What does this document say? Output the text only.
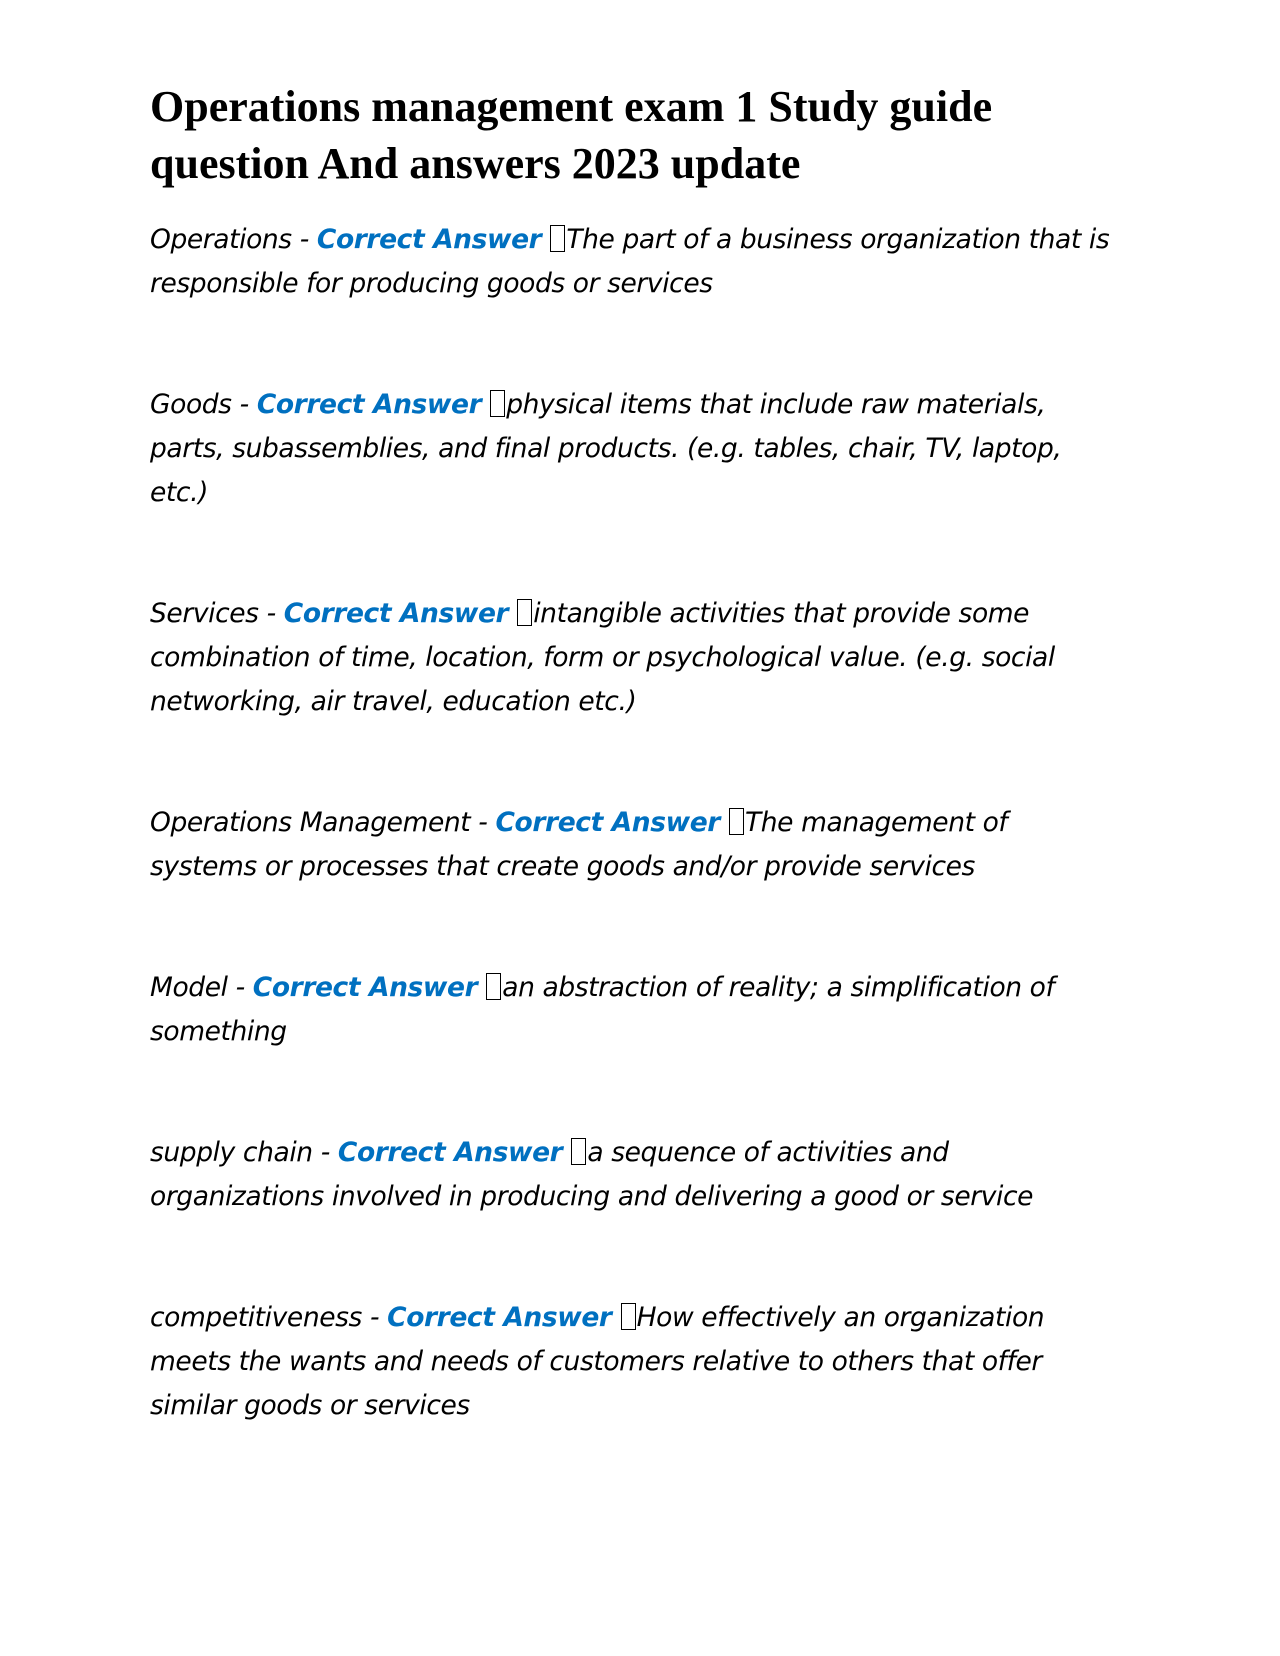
Operations management exam 1 Study guide question And answers 2023 update

Operations - Correct Answer The part of a business organization that is responsible for producing goods or services

Goods - Correct Answer physical items that include raw materials, parts, subassemblies, and final products. (e.g. tables, chair, TV, laptop, etc.)

Services - Correct Answer intangible activities that provide some combination of time, location, form or psychological value. (e.g. social networking, air travel, education etc.)

Operations Management - Correct Answer The management of systems or processes that create goods and/or provide services

Model - Correct Answer an abstraction of reality; a simplification of something

supply chain - Correct Answer a sequence of activities and organizations involved in producing and delivering a good or service

competitiveness - Correct Answer How effectively an organization meets the wants and needs of customers relative to others that offer similar goods or services
